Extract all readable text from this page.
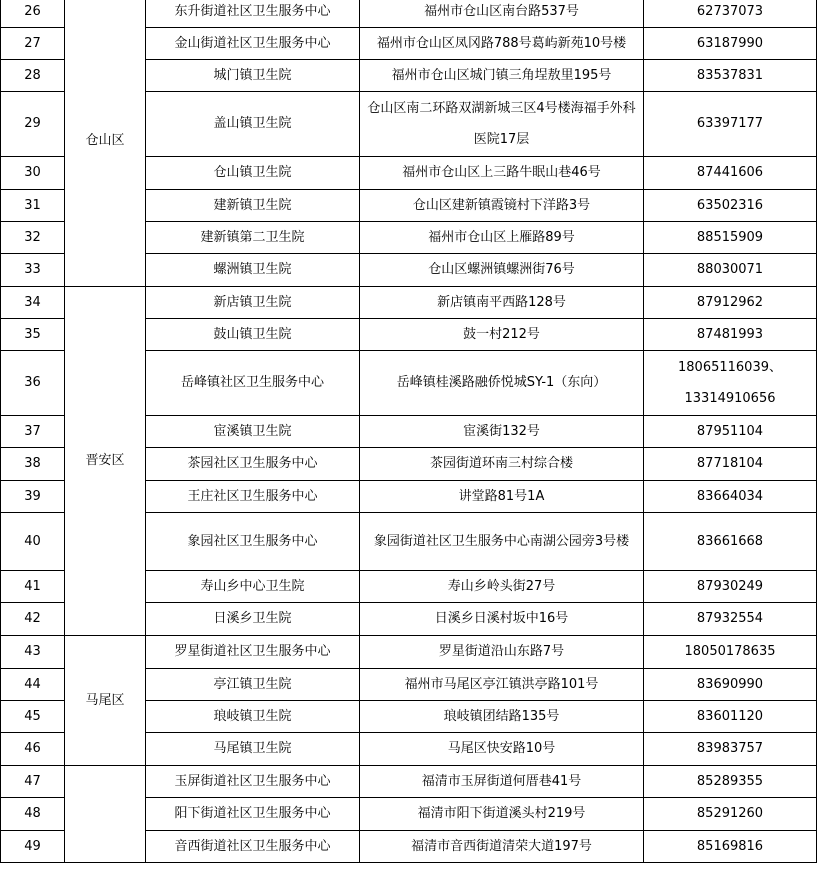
26	仓山区	东升街道社区卫生服务中心	福州市仓山区南台路537号	62737073
27		金山街道社区卫生服务中心	福州市仓山区凤冈路788号葛屿新苑10号楼	63187990
28		城门镇卫生院	福州市仓山区城门镇三角埕敖里195号	83537831
29		盖山镇卫生院	仓山区南二环路双湖新城三区4号楼海福手外科
医院17层	63397177
30		仓山镇卫生院	福州市仓山区上三路牛眠山巷46号	87441606
31		建新镇卫生院	仓山区建新镇霞镜村下洋路3号	63502316
32		建新镇第二卫生院	福州市仓山区上雁路89号	88515909
33		螺洲镇卫生院	仓山区螺洲镇螺洲街76号	88030071
34	晋安区	新店镇卫生院	新店镇南平西路128号	87912962
35		鼓山镇卫生院	鼓一村212号	87481993
36		岳峰镇社区卫生服务中心	岳峰镇桂溪路融侨悦城SY-1（东向）	18065116039、
13314910656

37		宦溪镇卫生院	宦溪街132号	87951104
38		茶园社区卫生服务中心	茶园街道环南三村综合楼	87718104
39		王庄社区卫生服务中心	讲堂路81号1A	83664034
40		象园社区卫生服务中心	象园街道社区卫生服务中心南湖公园旁3号楼	83661668
41		寿山乡中心卫生院	寿山乡岭头街27号	87930249
42		日溪乡卫生院	日溪乡日溪村坂中16号	87932554
43	马尾区	罗星街道社区卫生服务中心	罗星街道沿山东路7号	18050178635
44		亭江镇卫生院	福州市马尾区亭江镇洪亭路101号	83690990
45		琅岐镇卫生院	琅岐镇团结路135号	83601120
46		马尾镇卫生院	马尾区快安路10号	83983757
47		玉屏街道社区卫生服务中心	福清市玉屏街道何厝巷41号	85289355
48		阳下街道社区卫生服务中心	福清市阳下街道溪头村219号	85291260
49		音西街道社区卫生服务中心	福清市音西街道清荣大道197号	85169816
